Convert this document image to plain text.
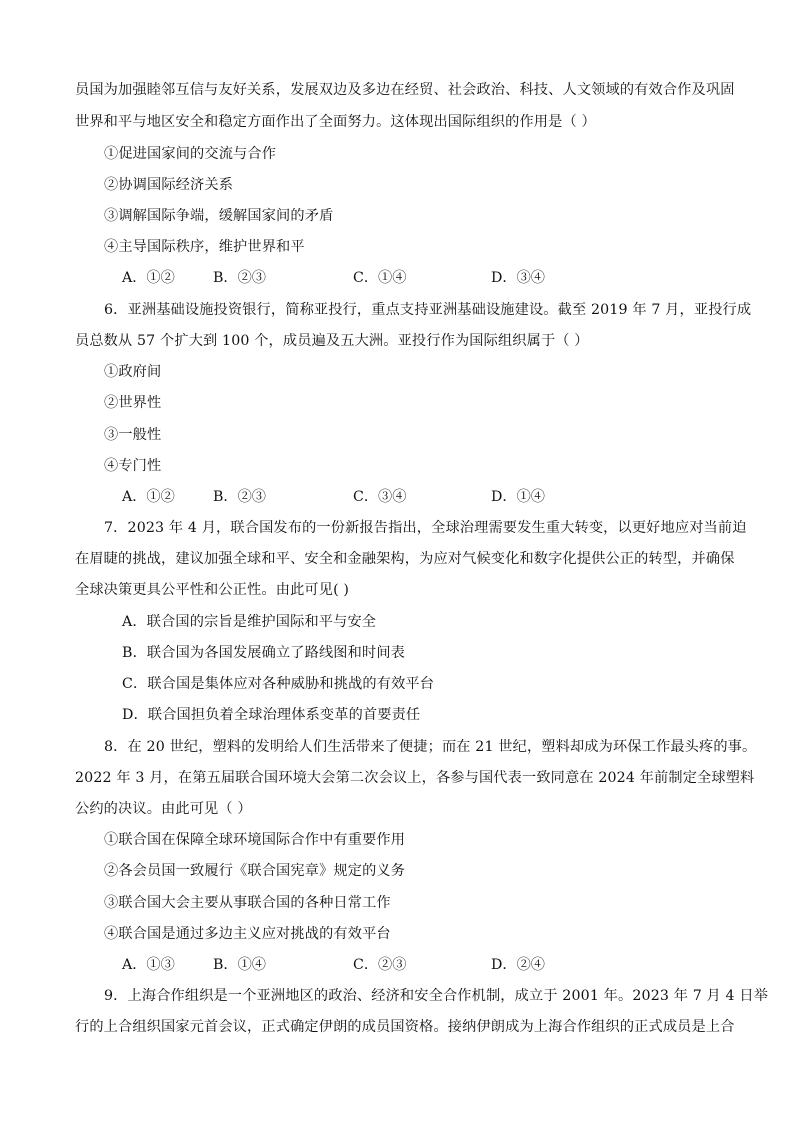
员国为加强睦邻互信与友好关系，发展双边及多边在经贸、社会政治、科技、人文领域的有效合作及巩固
世界和平与地区安全和稳定方面作出了全面努力。这体现出国际组织的作用是（ ）
①促进国家间的交流与合作
②协调国际经济关系
③调解国际争端，缓解国家间的矛盾
④主导国际秩序，维护世界和平
A．①②	B．②③	C．①④	D．③④
6．亚洲基础设施投资银行，简称亚投行，重点支持亚洲基础设施建设。截至 2019 年 7 月，亚投行成
员总数从 57 个扩大到 100 个，成员遍及五大洲。亚投行作为国际组织属于（ ）
①政府间
②世界性
③一般性
④专门性
A．①②	B．②③	C．③④	D．①④
7．2023 年 4 月，联合国发布的一份新报告指出，全球治理需要发生重大转变，以更好地应对当前迫
在眉睫的挑战，建议加强全球和平、安全和金融架构，为应对气候变化和数字化提供公正的转型，并确保
全球决策更具公平性和公正性。由此可见( )
A．联合国的宗旨是维护国际和平与安全
B．联合国为各国发展确立了路线图和时间表
C．联合国是集体应对各种威胁和挑战的有效平台
D．联合国担负着全球治理体系变革的首要责任
8．在 20 世纪，塑料的发明给人们生活带来了便捷；而在 21 世纪，塑料却成为环保工作最头疼的事。
2022 年 3 月，在第五届联合国环境大会第二次会议上，各参与国代表一致同意在 2024 年前制定全球塑料
公约的决议。由此可见（ ）
①联合国在保障全球环境国际合作中有重要作用
②各会员国一致履行《联合国宪章》规定的义务
③联合国大会主要从事联合国的各种日常工作
④联合国是通过多边主义应对挑战的有效平台
A．①③	B．①④	C．②③	D．②④
9．上海合作组织是一个亚洲地区的政治、经济和安全合作机制，成立于 2001 年。2023 年 7 月 4 日举
行的上合组织国家元首会议，正式确定伊朗的成员国资格。接纳伊朗成为上海合作组织的正式成员是上合
